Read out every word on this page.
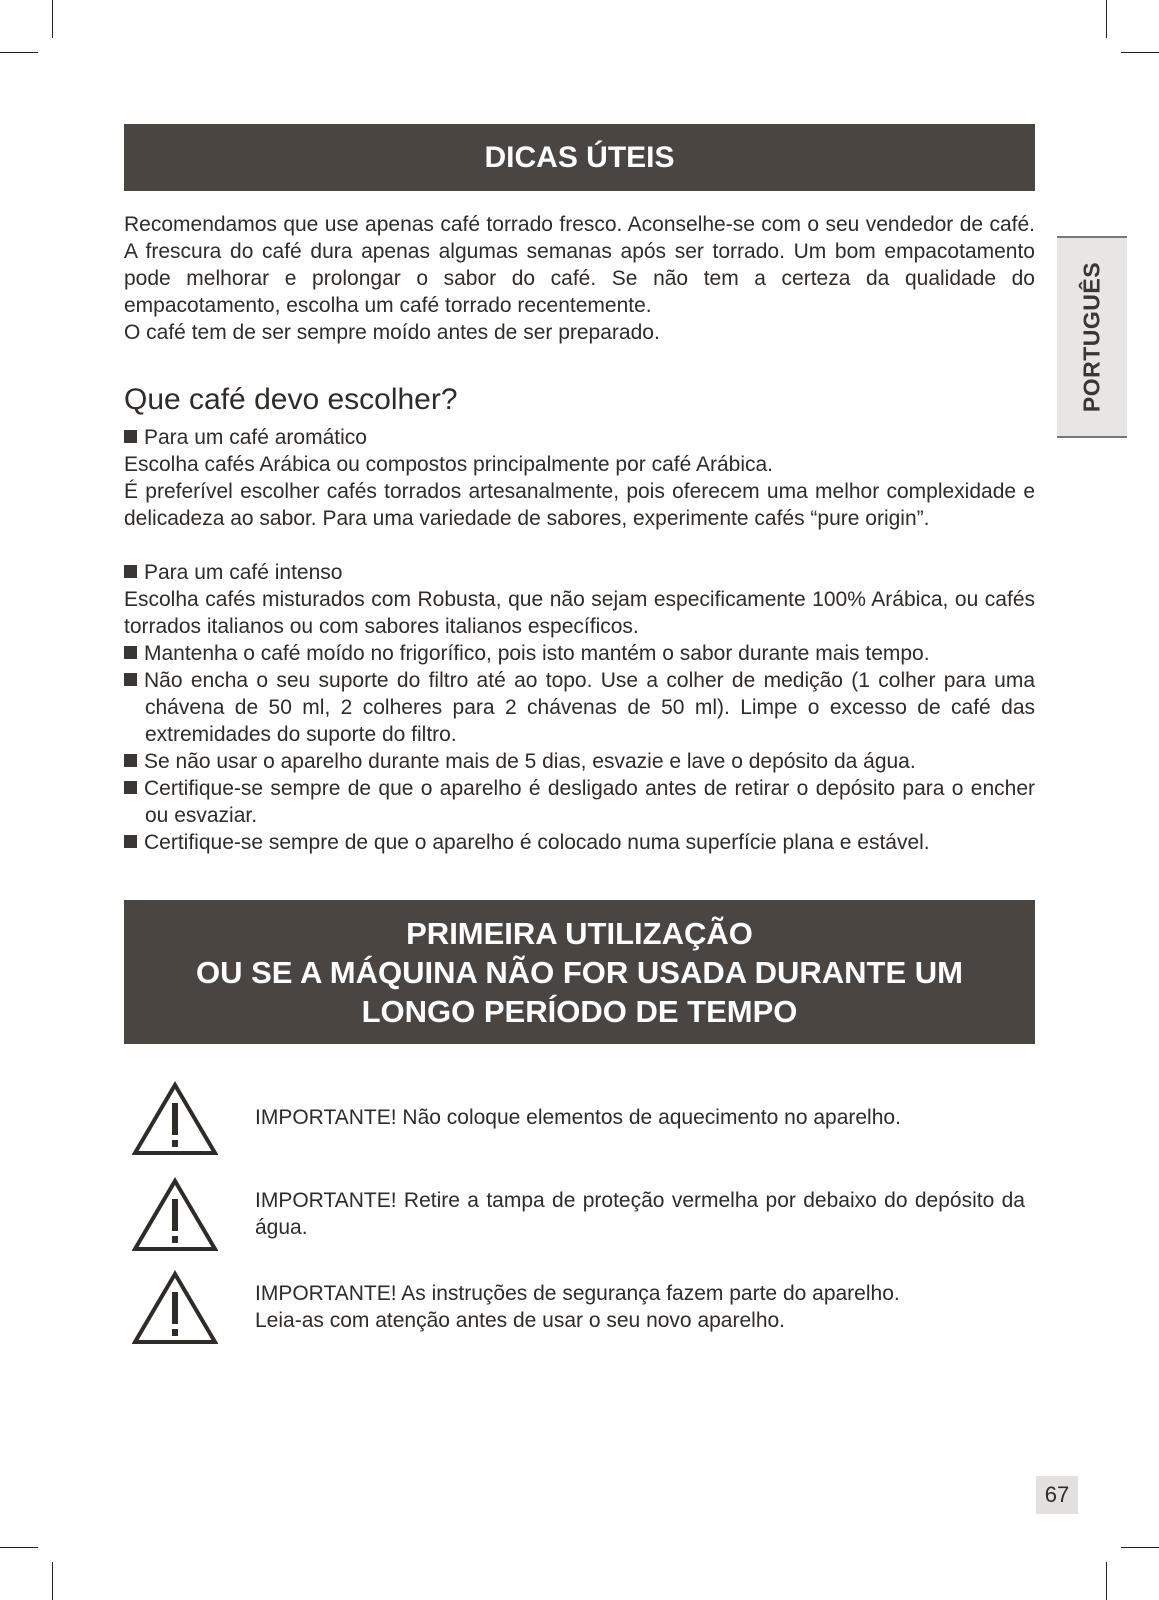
DICAS ÚTEIS

Recomendamos que use apenas café torrado fresco. Aconselhe-se com o seu vendedor de café. A frescura do café dura apenas algumas semanas após ser torrado. Um bom empacotamento pode melhorar e prolongar o sabor do café. Se não tem a certeza da qualidade do empacotamento, escolha um café torrado recentemente.

O café tem de ser sempre moído antes de ser preparado.

Que café devo escolher?

Para um café aromático

Escolha cafés Arábica ou compostos principalmente por café Arábica.

É preferível escolher cafés torrados artesanalmente, pois oferecem uma melhor complexidade e delicadeza ao sabor. Para uma variedade de sabores, experimente cafés “pure origin”.

Para um café intenso

Escolha cafés misturados com Robusta, que não sejam especificamente 100% Arábica, ou cafés torrados italianos ou com sabores italianos específicos.

Mantenha o café moído no frigorífico, pois isto mantém o sabor durante mais tempo.

Não encha o seu suporte do filtro até ao topo. Use a colher de medição (1 colher para uma chávena de 50 ml, 2 colheres para 2 chávenas de 50 ml). Limpe o excesso de café das extremidades do suporte do filtro.

Se não usar o aparelho durante mais de 5 dias, esvazie e lave o depósito da água.

Certifique-se sempre de que o aparelho é desligado antes de retirar o depósito para o encher ou esvaziar.

Certifique-se sempre de que o aparelho é colocado numa superfície plana e estável.

PRIMEIRA UTILIZAÇÃO
OU SE A MÁQUINA NÃO FOR USADA DURANTE UM
LONGO PERÍODO DE TEMPO
IMPORTANTE! Não coloque elementos de aquecimento no aparelho.
IMPORTANTE! Retire a tampa de proteção vermelha por debaixo do depósito da água.
IMPORTANTE! As instruções de segurança fazem parte do aparelho.
Leia-as com atenção antes de usar o seu novo aparelho.
PORTUGUÊS
67
